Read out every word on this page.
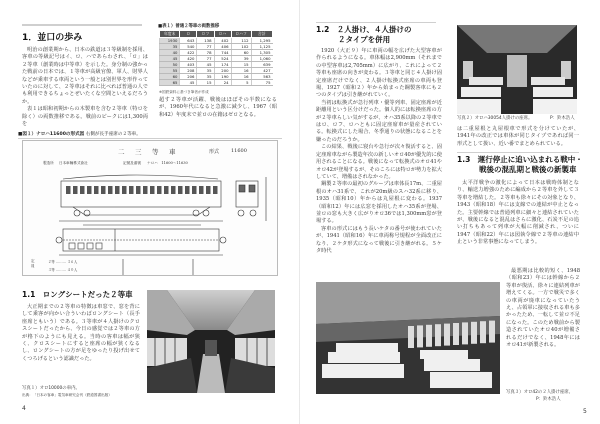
1．並口の歩み

明治の創業期から、日本の鉄道は３等級制を採用、客車の等級記号はイ、ロ、ハであらわされ、「ロ」は２等車（創業時は中等車）を示した。身分制の強かった戦前の日本では、１等車が高級官僚、軍人、財界人などが乗車する車両という一般とは別世界を形作っていたのに対して、２等車はそれに比べれば普通の人でも利用できるちょっとぜいたくな空間といえるだろうか。

表１は昭和初期からの木製車を含む２等車（特ロを除く）の両数推移である。戦前のピークには1,300両を

■表１）普通２等車の両数推移
年度末	ロ	ロフ	ロハ	ロハフ	合計
1930	643	138	402	112	1,295
35	540	77	406	102	1,125
40	422	78	744	60	1,305
45	420	77	524	39	1,060
50	403	45	174	15	639
55	208	35	200	16	427
60	206	35	190	16	563
65	45	15	24	5	75
※国鉄資料に基づき筆者が作成
超す２等車が活躍、戦後はほぼその半数になるが、1960年代になると急激に減少し、1967（昭和42）年度末で並ロの在籍はゼロとなる。
■図１）ナロハ11600の形式図 右側が長手座席の２等車。
二　三　等　車	形式 11600
製造所 日本車輛株式會社	記號及番號 ナロハ　11600～11630
定員
２等 ……… ３６人
３等 ……… ４０人
1.1　ロングシートだった２等車
大正期までの２等車の特徴は車窓で、窓を背にして乗客が向かい合ういわばロングシート（長手座席ともいう）である。３等車が４人掛けのクロスシートだったから、今日の感覚では２等車の方が格下のようにも見える。当時の客車は幅が狭く、クロスシートにすると座席の幅が狭くなるし、ロングシートの方が足をゆったり投げ出せてくつろげるという認識だった。
写真１）オロ10000の車内。
出典：「日本の客車」電気車研究会刊（鉄道図書出版）
4
1.2　２人掛け、４人掛けの
２タイプを併用

1920（大正９）年に車両の幅を広げた大型客車が作られるようになる。車体幅は2,900mm（それまでの中型客車は2,705mm）に広がり、これによって２等車も座席の向きが変わる。３等車と同じ４人掛け固定座席だけでなく、２人掛け転換式座席の車両も登場、1927（昭和２）年から始まった鋼製客車にも２つのタイプは引き継がれていく。

当初は転換式が急行列車・優等列車、固定座席が近距離用という区分けだった。個人的には転換座席の方が２等車らしい気がするが、オハ35系以降の２等車ではロ、ロフ、ロハともに固定座席車が量産されている。転換式にした場合、冬季通りの状態になることを嫌ったのだろうか。

この結果、戦後に寝台や急行が次々復活すると、固定座席車ながら製造年次の新しいオロ40が優先的に使用されることになる。戦後になって転換式のオロ41やオロ42が登場するが、そのころには特ロが勢力を拡大していて、増備はされなかった。

鋼製２等車の最初のグループは車体長17m、二重屋根のオハ31系で、これが20m級のスハ32系に移り、1935（昭和10）年からは丸屋根に変わる。1937（昭和12）年には広窓を採用したオハ35系が登場、並ロの窓も大きく広がりオロ36では1,300mm窓が登場する。

客車の形式にはもう長いケタの番号が使われていたが、1941（昭和16）年に車両称号規程が全面改正になり、２ケタ形式になって戦後に引き継がれる。５ケタ時代

写真２）オロハ30054人掛けの座席。	P：鈴木浩人
は二重屋根と丸屋根車で形式を分けていたが、1941年の改正では車体が同じタイプであれば同一形式として扱い、近い番でまとめられている。
1.3　運行停止に追い込まれる戦中・
戦後の混乱期と戦後の新製車
太平洋戦争の激化によって日本は戦時体制となり、輸送力増強のために編成から２等車を外して３等車を増結した。２等車も徐々にその対象となり、1943（昭和18）年には支線での連結が中止となった。主要幹線では普通列車に細々と連結されていたが、戦後になると混乱はさらに激化、石炭不足の追い打ちもあって列車が大幅に削減され、ついに1947（昭和22）年には図執令線で２等車の連結中止という非常事態になってしまう。
最悪期は比較的短く、1948（昭和23）年には幹線から２等車が復活、徐々に連結列車が増えてくる。一方で戦災で多くの車両が廃車になっていたうえ、占領軍に接収される車も多かったため、一転して並ロ不足になった。このため戦前から製造されていたオロ40が増備されるだけでなく、1948年にはオロ41が新製される。
写真３）オロ42の２人掛け座席。
P：鈴木浩人
5
